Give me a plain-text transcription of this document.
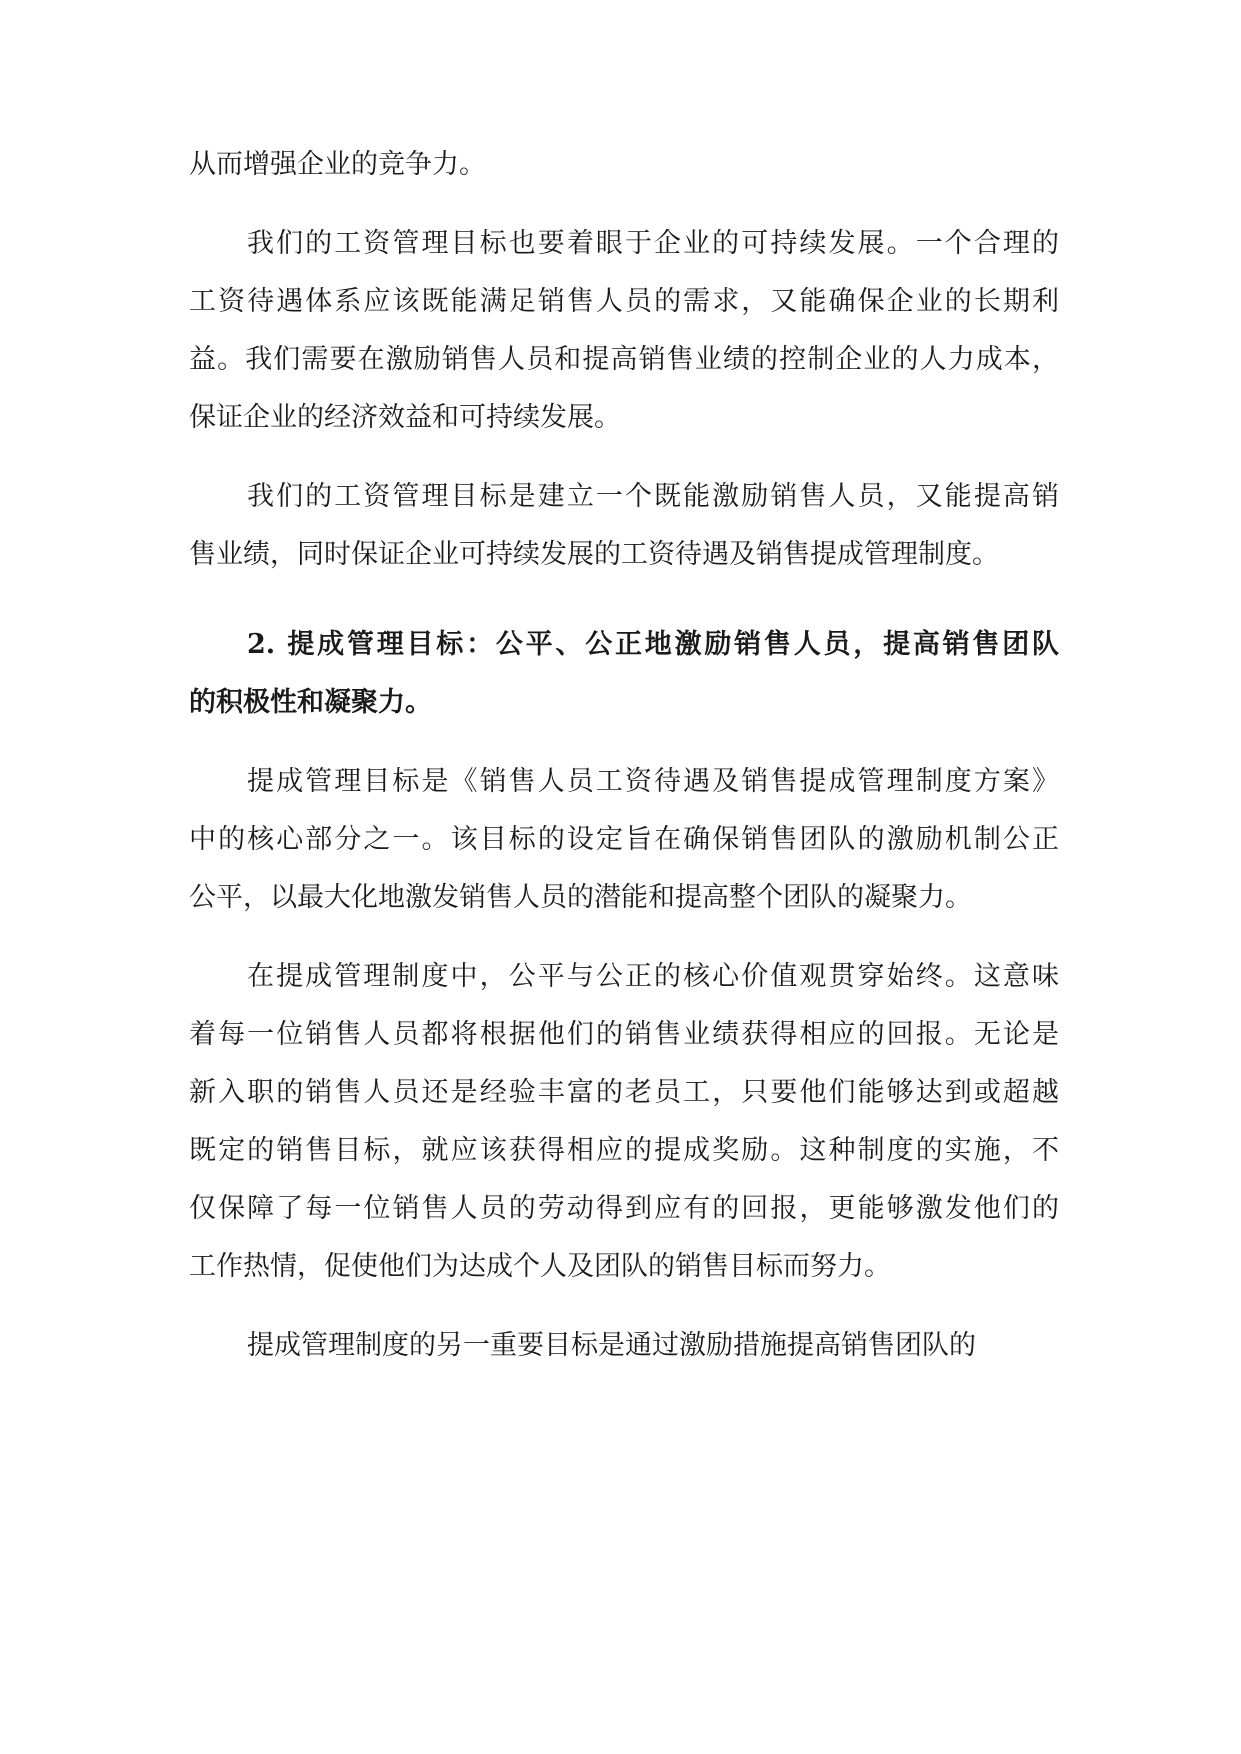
从而增强企业的竞争力。

我们的工资管理目标也要着眼于企业的可持续发展。一个合理的

工资待遇体系应该既能满足销售人员的需求，又能确保企业的长期利

益。我们需要在激励销售人员和提高销售业绩的控制企业的人力成本，

保证企业的经济效益和可持续发展。

我们的工资管理目标是建立一个既能激励销售人员，又能提高销

售业绩，同时保证企业可持续发展的工资待遇及销售提成管理制度。

2. 提成管理目标：公平、公正地激励销售人员，提高销售团队

的积极性和凝聚力。

提成管理目标是《销售人员工资待遇及销售提成管理制度方案》

中的核心部分之一。该目标的设定旨在确保销售团队的激励机制公正

公平，以最大化地激发销售人员的潜能和提高整个团队的凝聚力。

在提成管理制度中，公平与公正的核心价值观贯穿始终。这意味

着每一位销售人员都将根据他们的销售业绩获得相应的回报。无论是

新入职的销售人员还是经验丰富的老员工，只要他们能够达到或超越

既定的销售目标，就应该获得相应的提成奖励。这种制度的实施，不

仅保障了每一位销售人员的劳动得到应有的回报，更能够激发他们的

工作热情，促使他们为达成个人及团队的销售目标而努力。

提成管理制度的另一重要目标是通过激励措施提高销售团队的
